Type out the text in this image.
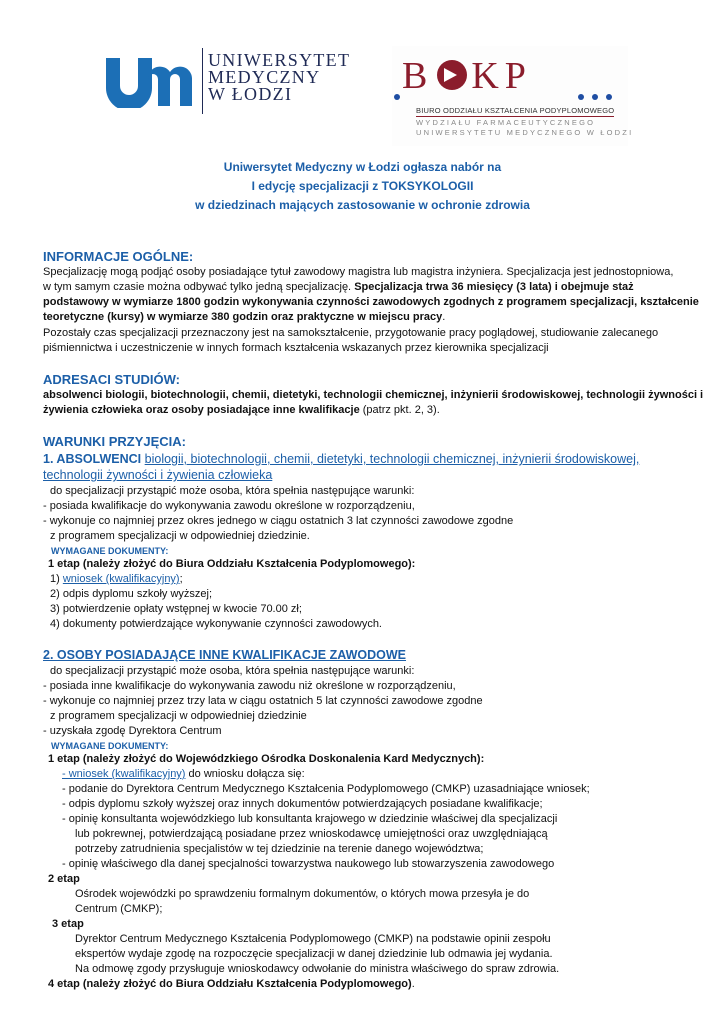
UNIWERSYTET
MEDYCZNY
W ŁODZI	B KP
BIURO ODDZIAŁU KSZTAŁCENIA PODYPLOMOWEGO
WYDZIAŁU FARMACEUTYCZNEGO
UNIWERSYTETU MEDYCZNEGO W ŁODZI
Uniwersytet Medyczny w Łodzi ogłasza nabór na
I edycję specjalizacji z TOKSYKOLOGII
w dziedzinach mających zastosowanie w ochronie zdrowia
INFORMACJE OGÓLNE:
Specjalizację mogą podjąć osoby posiadające tytuł zawodowy magistra lub magistra inżyniera. Specjalizacja jest jednostopniowa,
w tym samym czasie można odbywać tylko jedną specjalizację. Specjalizacja trwa 36 miesięcy (3 lata) i obejmuje staż
podstawowy w wymiarze 1800 godzin wykonywania czynności zawodowych zgodnych z programem specjalizacji, kształcenie
teoretyczne (kursy) w wymiarze 380 godzin oraz praktyczne w miejscu pracy.
Pozostały czas specjalizacji przeznaczony jest na samokształcenie, przygotowanie pracy poglądowej, studiowanie zalecanego
piśmiennictwa i uczestniczenie w innych formach kształcenia wskazanych przez kierownika specjalizacji
ADRESACI STUDIÓW:
absolwenci biologii, biotechnologii, chemii, dietetyki, technologii chemicznej, inżynierii środowiskowej, technologii żywności i
żywienia człowieka oraz osoby posiadające inne kwalifikacje (patrz pkt. 2, 3).
WARUNKI PRZYJĘCIA:
1. ABSOLWENCI biologii, biotechnologii, chemii, dietetyki, technologii chemicznej, inżynierii środowiskowej,
technologii żywności i żywienia człowieka
do specjalizacji przystąpić może osoba, która spełnia następujące warunki:
- posiada kwalifikacje do wykonywania zawodu określone w rozporządzeniu,
- wykonuje co najmniej przez okres jednego w ciągu ostatnich 3 lat czynności zawodowe zgodne
z programem specjalizacji w odpowiedniej dziedzinie.
WYMAGANE DOKUMENTY:
1 etap (należy złożyć do Biura Oddziału Kształcenia Podyplomowego):
1) wniosek (kwalifikacyjny);
2) odpis dyplomu szkoły wyższej;
3) potwierdzenie opłaty wstępnej w kwocie 70.00 zł;
4) dokumenty potwierdzające wykonywanie czynności zawodowych.
2. OSOBY POSIADAJĄCE INNE KWALIFIKACJE ZAWODOWE
do specjalizacji przystąpić może osoba, która spełnia następujące warunki:
- posiada inne kwalifikacje do wykonywania zawodu niż określone w rozporządzeniu,
- wykonuje co najmniej przez trzy lata w ciągu ostatnich 5 lat czynności zawodowe zgodne
z programem specjalizacji w odpowiedniej dziedzinie
- uzyskała zgodę Dyrektora Centrum
WYMAGANE DOKUMENTY:
1 etap (należy złożyć do Wojewódzkiego Ośrodka Doskonalenia Kard Medycznych):
- wniosek (kwalifikacyjny) do wniosku dołącza się:
- podanie do Dyrektora Centrum Medycznego Kształcenia Podyplomowego (CMKP) uzasadniające wniosek;
- odpis dyplomu szkoły wyższej oraz innych dokumentów potwierdzających posiadane kwalifikacje;
- opinię konsultanta wojewódzkiego lub konsultanta krajowego w dziedzinie właściwej dla specjalizacji
lub pokrewnej, potwierdzającą posiadane przez wnioskodawcę umiejętności oraz uwzględniającą
potrzeby zatrudnienia specjalistów w tej dziedzinie na terenie danego województwa;
- opinię właściwego dla danej specjalności towarzystwa naukowego lub stowarzyszenia zawodowego
2 etap
Ośrodek wojewódzki po sprawdzeniu formalnym dokumentów, o których mowa przesyła je do
Centrum (CMKP);
3 etap
Dyrektor Centrum Medycznego Kształcenia Podyplomowego (CMKP) na podstawie opinii zespołu
ekspertów wydaje zgodę na rozpoczęcie specjalizacji w danej dziedzinie lub odmawia jej wydania.
Na odmowę zgody przysługuje wnioskodawcy odwołanie do ministra właściwego do spraw zdrowia.
4 etap (należy złożyć do Biura Oddziału Kształcenia Podyplomowego).
